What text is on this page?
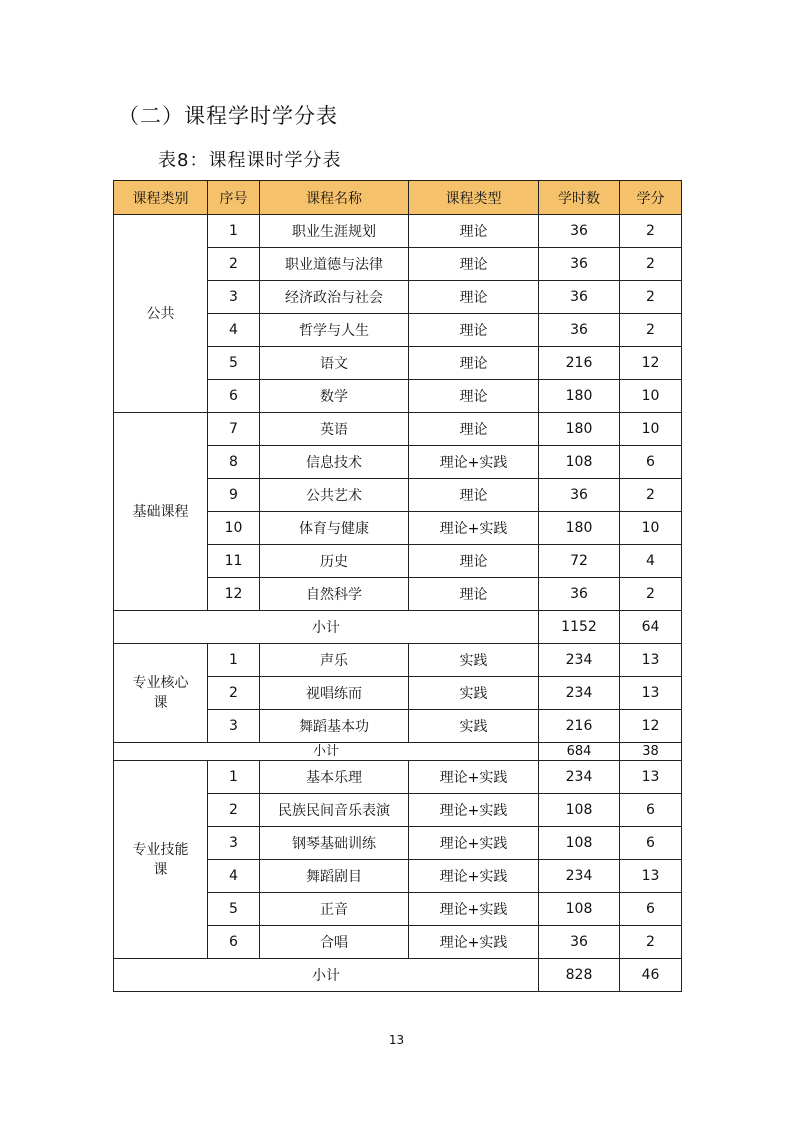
（二）课程学时学分表
表8：课程课时学分表
课程类别	序号	课程名称	课程类型	学时数	学分
公共	1	职业生涯规划	理论	36	2
	2	职业道德与法律	理论	36	2
	3	经济政治与社会	理论	36	2
	4	哲学与人生	理论	36	2
	5	语文	理论	216	12
	6	数学	理论	180	10
基础课程	7	英语	理论	180	10
	8	信息技术	理论+实践	108	6
	9	公共艺术	理论	36	2
	10	体育与健康	理论+实践	180	10
	11	历史	理论	72	4
	12	自然科学	理论	36	2
小计				1152	64
专业核心课	1	声乐	实践	234	13
	2	视唱练而	实践	234	13
	3	舞蹈基本功	实践	216	12
小计				684	38
专业技能课	1	基本乐理	理论+实践	234	13
	2	民族民间音乐表演	理论+实践	108	6
	3	钢琴基础训练	理论+实践	108	6
	4	舞蹈剧目	理论+实践	234	13
	5	正音	理论+实践	108	6
	6	合唱	理论+实践	36	2
小计				828	46
13
